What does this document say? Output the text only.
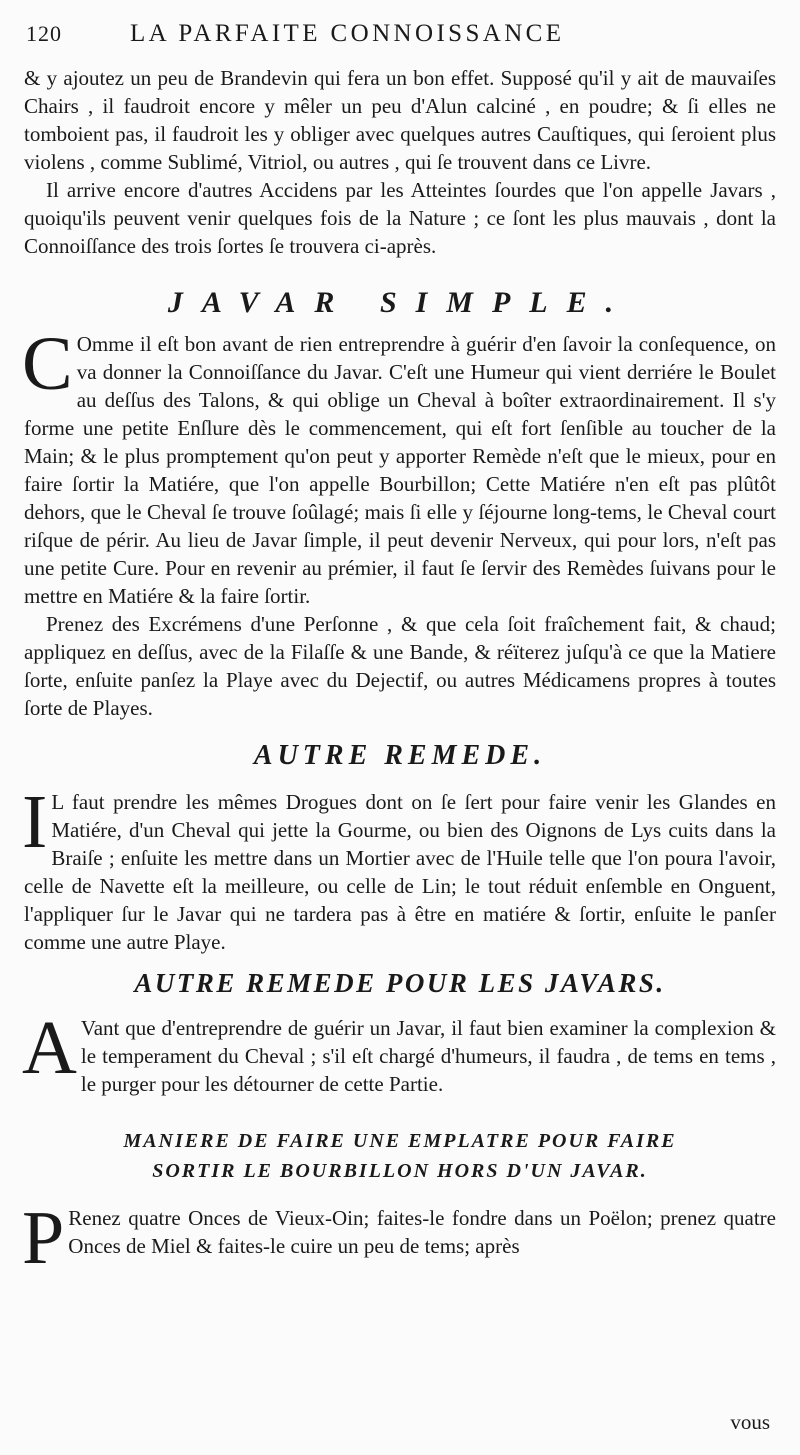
120	LA PARFAITE CONNOISSANCE

& y ajoutez un peu de Brandevin qui fera un bon effet. Supposé qu'il y ait de mauvaiſes Chairs , il faudroit encore y mêler un peu d'Alun calciné , en poudre; & ſi elles ne tomboient pas, il faudroit les y obliger avec quelques autres Cauſtiques, qui ſeroient plus violens , comme Sublimé, Vitriol, ou autres , qui ſe trouvent dans ce Livre.

Il arrive encore d'autres Accidens par les Atteintes ſourdes que l'on appelle Javars , quoiqu'ils peuvent venir quelques fois de la Nature ; ce ſont les plus mauvais , dont la Connoiſſance des trois ſortes ſe trouvera ci-après.

JAVAR SIMPLE.

C Omme il eſt bon avant de rien entreprendre à guérir d'en ſavoir la conſequence, on va donner la Connoiſſance du Javar. C'eſt une Humeur qui vient derriére le Boulet au deſſus des Talons, & qui oblige un Cheval à boîter extraordinairement. Il s'y forme une petite Enſlure dès le commencement, qui eſt fort ſenſible au toucher de la Main; & le plus promptement qu'on peut y apporter Remède n'eſt que le mieux, pour en faire ſortir la Matiére, que l'on appelle Bourbillon; Cette Matiére n'en eſt pas plûtôt dehors, que le Cheval ſe trouve ſoûlagé; mais ſi elle y ſéjourne long-tems, le Cheval court riſque de périr. Au lieu de Javar ſimple, il peut devenir Nerveux, qui pour lors, n'eſt pas une petite Cure. Pour en revenir au prémier, il faut ſe ſervir des Remèdes ſuivans pour le mettre en Matiére & la faire ſortir.

Prenez des Excrémens d'une Perſonne , & que cela ſoit fraîchement fait, & chaud; appliquez en deſſus, avec de la Filaſſe & une Bande, & réïterez juſqu'à ce que la Matiere ſorte, enſuite panſez la Playe avec du Dejectif, ou autres Médicamens propres à toutes ſorte de Playes.

AUTRE REMEDE.

I L faut prendre les mêmes Drogues dont on ſe ſert pour faire venir les Glandes en Matiére, d'un Cheval qui jette la Gourme, ou bien des Oignons de Lys cuits dans la Braiſe ; enſuite les mettre dans un Mortier avec de l'Huile telle que l'on poura l'avoir, celle de Navette eſt la meilleure, ou celle de Lin; le tout réduit enſemble en Onguent, l'appliquer ſur le Javar qui ne tardera pas à être en matiére & ſortir, enſuite le panſer comme une autre Playe.

AUTRE REMEDE POUR LES JAVARS.

A Vant que d'entreprendre de guérir un Javar, il faut bien examiner la complexion & le temperament du Cheval ; s'il eſt chargé d'humeurs, il faudra , de tems en tems , le purger pour les détourner de cette Partie.

MANIERE DE FAIRE UNE EMPLATRE POUR FAIRE
SORTIR LE BOURBILLON HORS D'UN JAVAR.

P Renez quatre Onces de Vieux-Oin; faites-le fondre dans un Poëlon; prenez quatre Onces de Miel & faites-le cuire un peu de tems; après

vous
